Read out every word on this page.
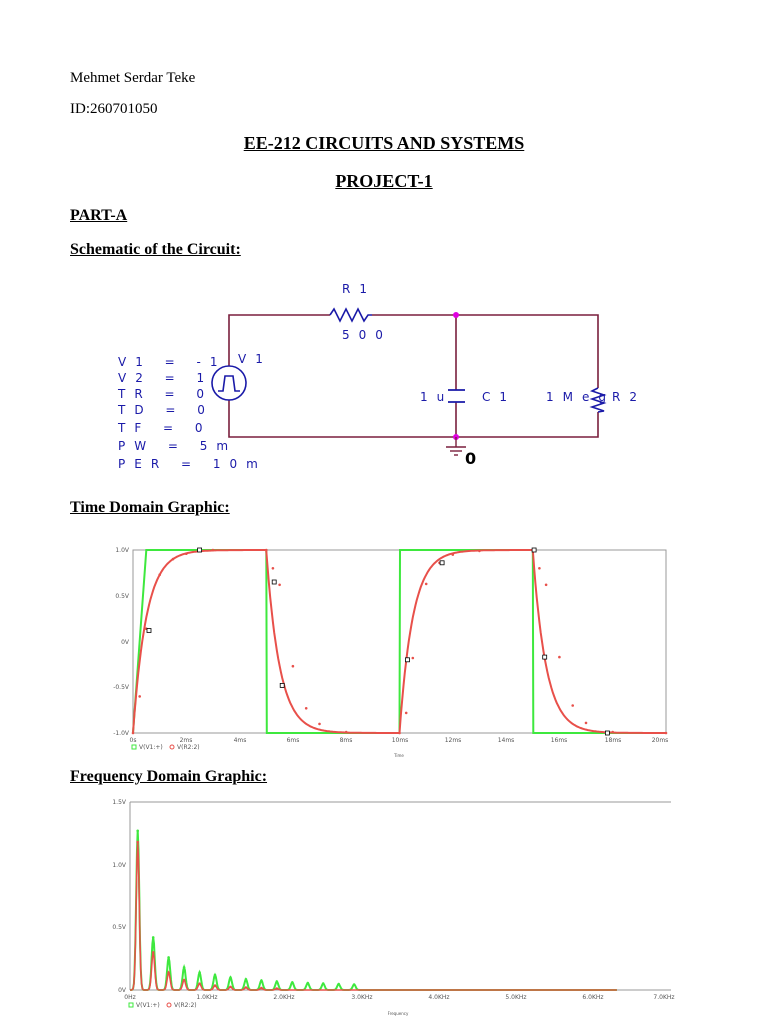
Mehmet Serdar Teke
ID:260701050
EE-212 CIRCUITS AND SYSTEMS
PROJECT-1
PART-A
Schematic of the Circuit:
Time Domain Graphic:
Frequency Domain Graphic:
R1
500
1u C1 1Meg
R2
V1
V1 = -1
V2 = 1
TR = 0
TD = 0
TF = 0
PW = 5m
PER = 10m	0
1.0V
0.5V
0V
-0.5V
-1.0V
0s	2ms	4ms	6ms	8ms	10ms	12ms	14ms	16ms	18ms	20ms
V(V1:+) V(R2:2)
Time
1.5V
1.0V
0.5V
0V
0Hz	1.0KHz	2.0KHz	3.0KHz	4.0KHz	5.0KHz	6.0KHz	7.0KHz
V(V1:+) V(R2:2)
Frequency
